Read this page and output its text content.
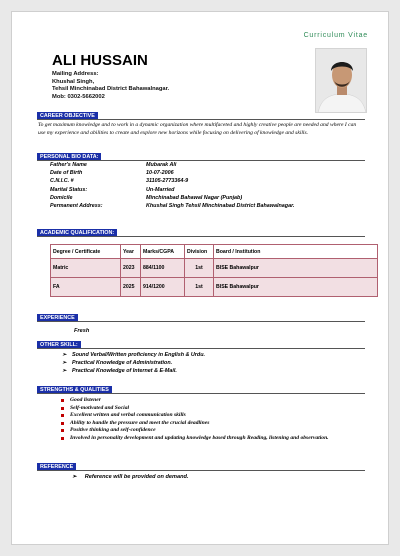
Curriculum Vitae
ALI HUSSAIN
Mailing Address:
Khushal Singh,
Tehsil Minchinabad District Bahawalnagar.
Mob: 0302-5662002
CAREER OBJECTIVE
To get maximum knowledge and to work in a dynamic organization where multifaceted and highly creative people are needed and where I can use my experience and abilities to create and explore new horizons while focusing on delivering of knowledge and skills.
PERSONAL BIO DATA:
Father's Name	Mubarak Ali
Date of Birth	10-07-2006
C.N.I.C. #	31105-2773364-9
Marital Status:	Un-Married
Domicile	Minchinabad Bahawal Nagar (Punjab)
Permanent Address:	Khushal Singh Tehsil Minchinabad District Bahawalnagar.
ACADEMIC QUALIFICATION:
Degree / Certificate	Year	Marks/CGPA	Division	Board / Institution
Matric	2023	884/1100	1st	BISE Bahawalpur
FA	2025	914/1200	1st	BISE Bahawalpur
EXPERIENCE
Fresh
OTHER SKILL:
➢ Sound Verbal/Written proficiency in English & Urdu.
➢ Practical Knowledge of Administration.
➢ Practical Knowledge of Internet & E-Mail.
STRENGTHS & QUALITIES
Good listener
Self-motivated and Social
Excellent written and verbal communication skills
Ability to handle the pressure and meet the crucial deadlines
Positive thinking and self-confidence
Involved in personality development and updating knowledge based through Reading, listening and observation.
REFERENCE
➢ Reference will be provided on demand.
